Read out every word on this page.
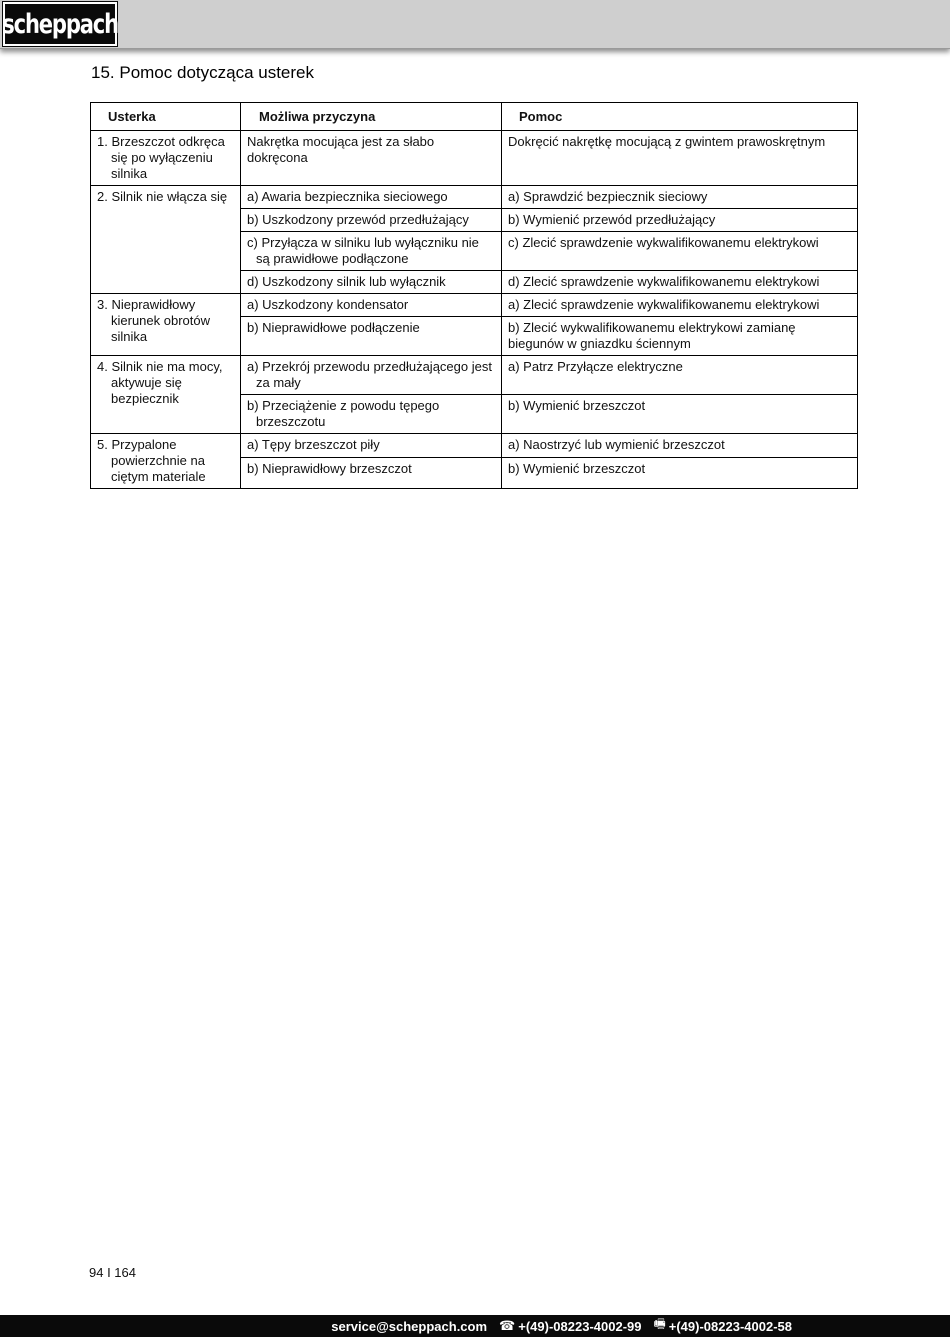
scheppach
15. Pomoc dotycząca usterek
Usterka	Możliwa przyczyna	Pomoc
1. Brzeszczot odkręca się po wyłączeniu silnika	Nakrętka mocująca jest za słabo dokręcona	Dokręcić nakrętkę mocującą z gwintem prawoskrętnym
2. Silnik nie włącza się	a) Awaria bezpiecznika sieciowego	a) Sprawdzić bezpiecznik sieciowy
	b) Uszkodzony przewód przedłużający	b) Wymienić przewód przedłużający
	c) Przyłącza w silniku lub wyłączniku nie są prawidłowe podłączone	c) Zlecić sprawdzenie wykwalifikowanemu elektrykowi
	d) Uszkodzony silnik lub wyłącznik	d) Zlecić sprawdzenie wykwalifikowanemu elektrykowi
3. Nieprawidłowy kierunek obrotów silnika	a) Uszkodzony kondensator	a) Zlecić sprawdzenie wykwalifikowanemu elektrykowi
	b) Nieprawidłowe podłączenie	b) Zlecić wykwalifikowanemu elektrykowi zamianę biegunów w gniazdku ściennym
4. Silnik nie ma mocy, aktywuje się bezpiecznik	a) Przekrój przewodu przedłużającego jest za mały	a) Patrz Przyłącze elektryczne
	b) Przeciążenie z powodu tępego brzeszczotu	b) Wymienić brzeszczot
5. Przypalone powierzchnie na ciętym materiale	a) Tępy brzeszczot piły	a) Naostrzyć lub wymienić brzeszczot
	b) Nieprawidłowy brzeszczot	b) Wymienić brzeszczot
94 I 164
service@scheppach.com ☎ +(49)-08223-4002-99 🖷 +(49)-08223-4002-58
